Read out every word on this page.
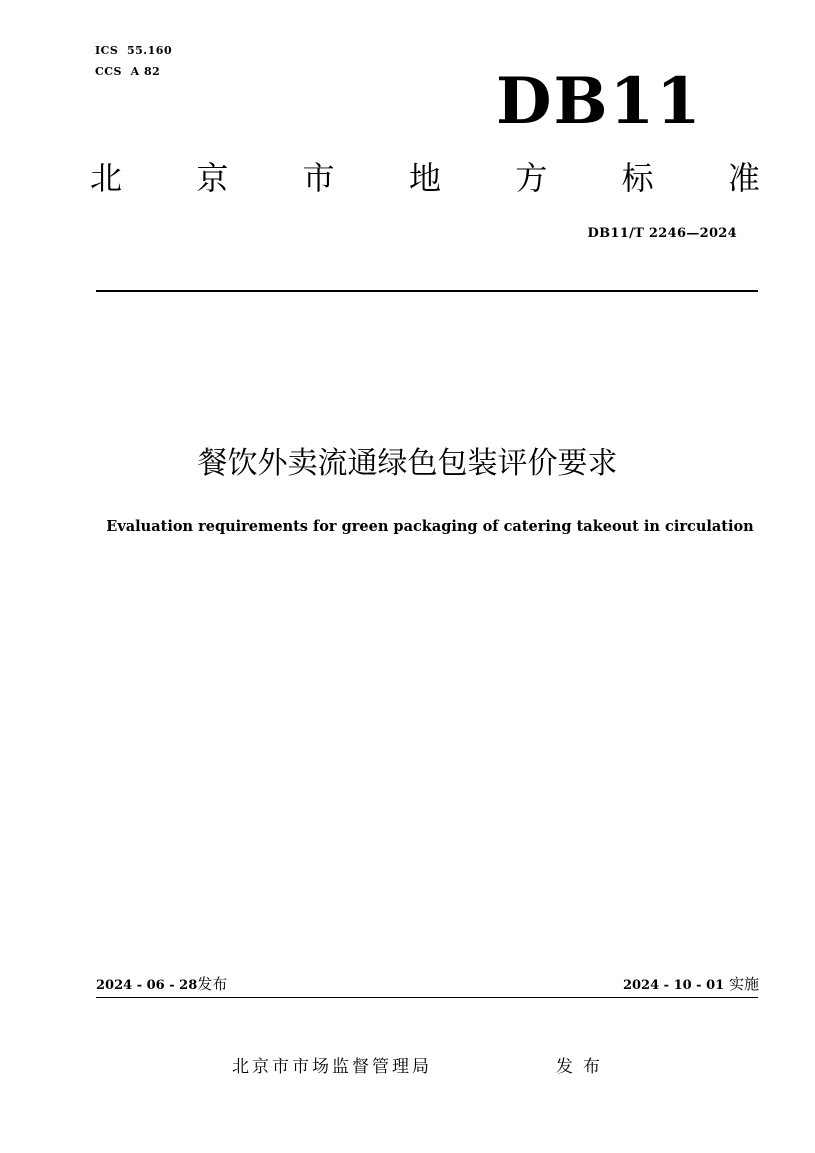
ICS  55.160
CCS  A 82	DB11
北 京 市 地 方 标 准
DB11/T 2246—2024
餐饮外卖流通绿色包装评价要求
Evaluation requirements for green packaging of catering takeout in circulation
2024 - 06 - 28发布	2024 - 10 - 01 实施
北京市市场监督管理局	发布
